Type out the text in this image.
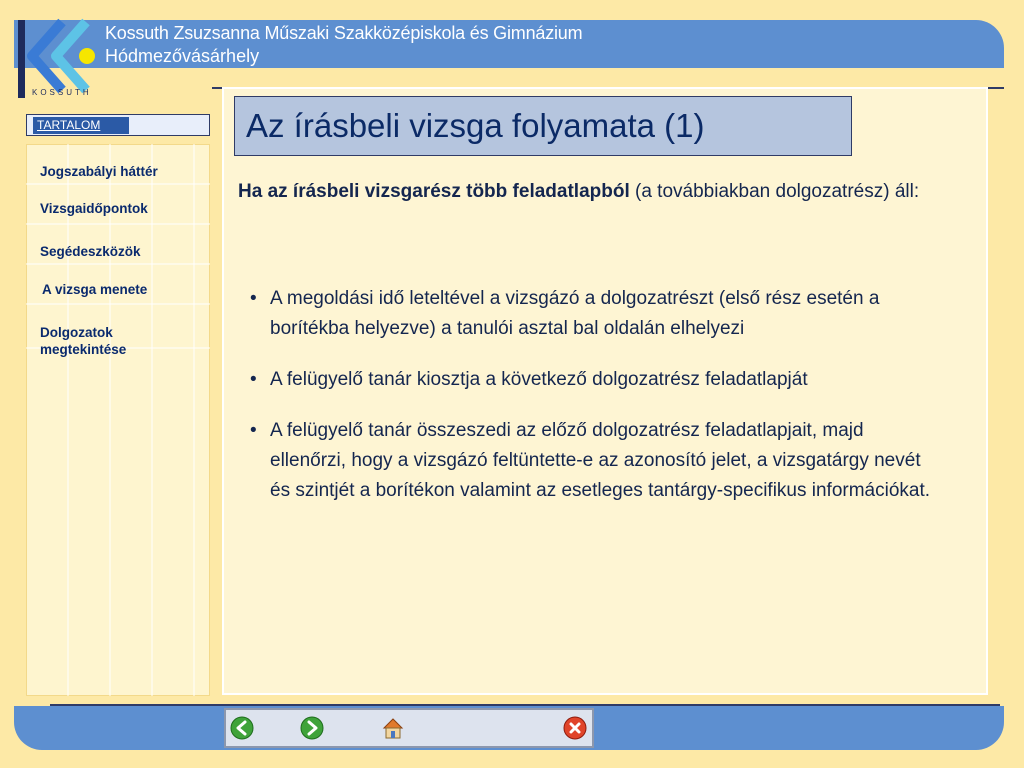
Kossuth Zsuzsanna Műszaki Szakközépiskola és Gimnázium
Hódmezővásárhely
KOSSUTH
TARTALOM
Jogszabályi háttér
Vizsgaidőpontok
Segédeszközök
A vizsga menete
Dolgozatok megtekintése
Az írásbeli vizsga folyamata (1)
Ha az írásbeli vizsgarész több feladatlapból (a továbbiakban dolgozatrész) áll:
• A megoldási idő leteltével a vizsgázó a dolgozatrészt (első rész esetén a borítékba helyezve) a tanulói asztal bal oldalán elhelyezi
• A felügyelő tanár kiosztja a következő dolgozatrész feladatlapját
• A felügyelő tanár összeszedi az előző dolgozatrész feladatlapjait, majd ellenőrzi, hogy a vizsgázó feltüntette-e az azonosító jelet, a vizsgatárgy nevét és szintjét a borítékon valamint az esetleges tantárgy-specifikus információkat.
